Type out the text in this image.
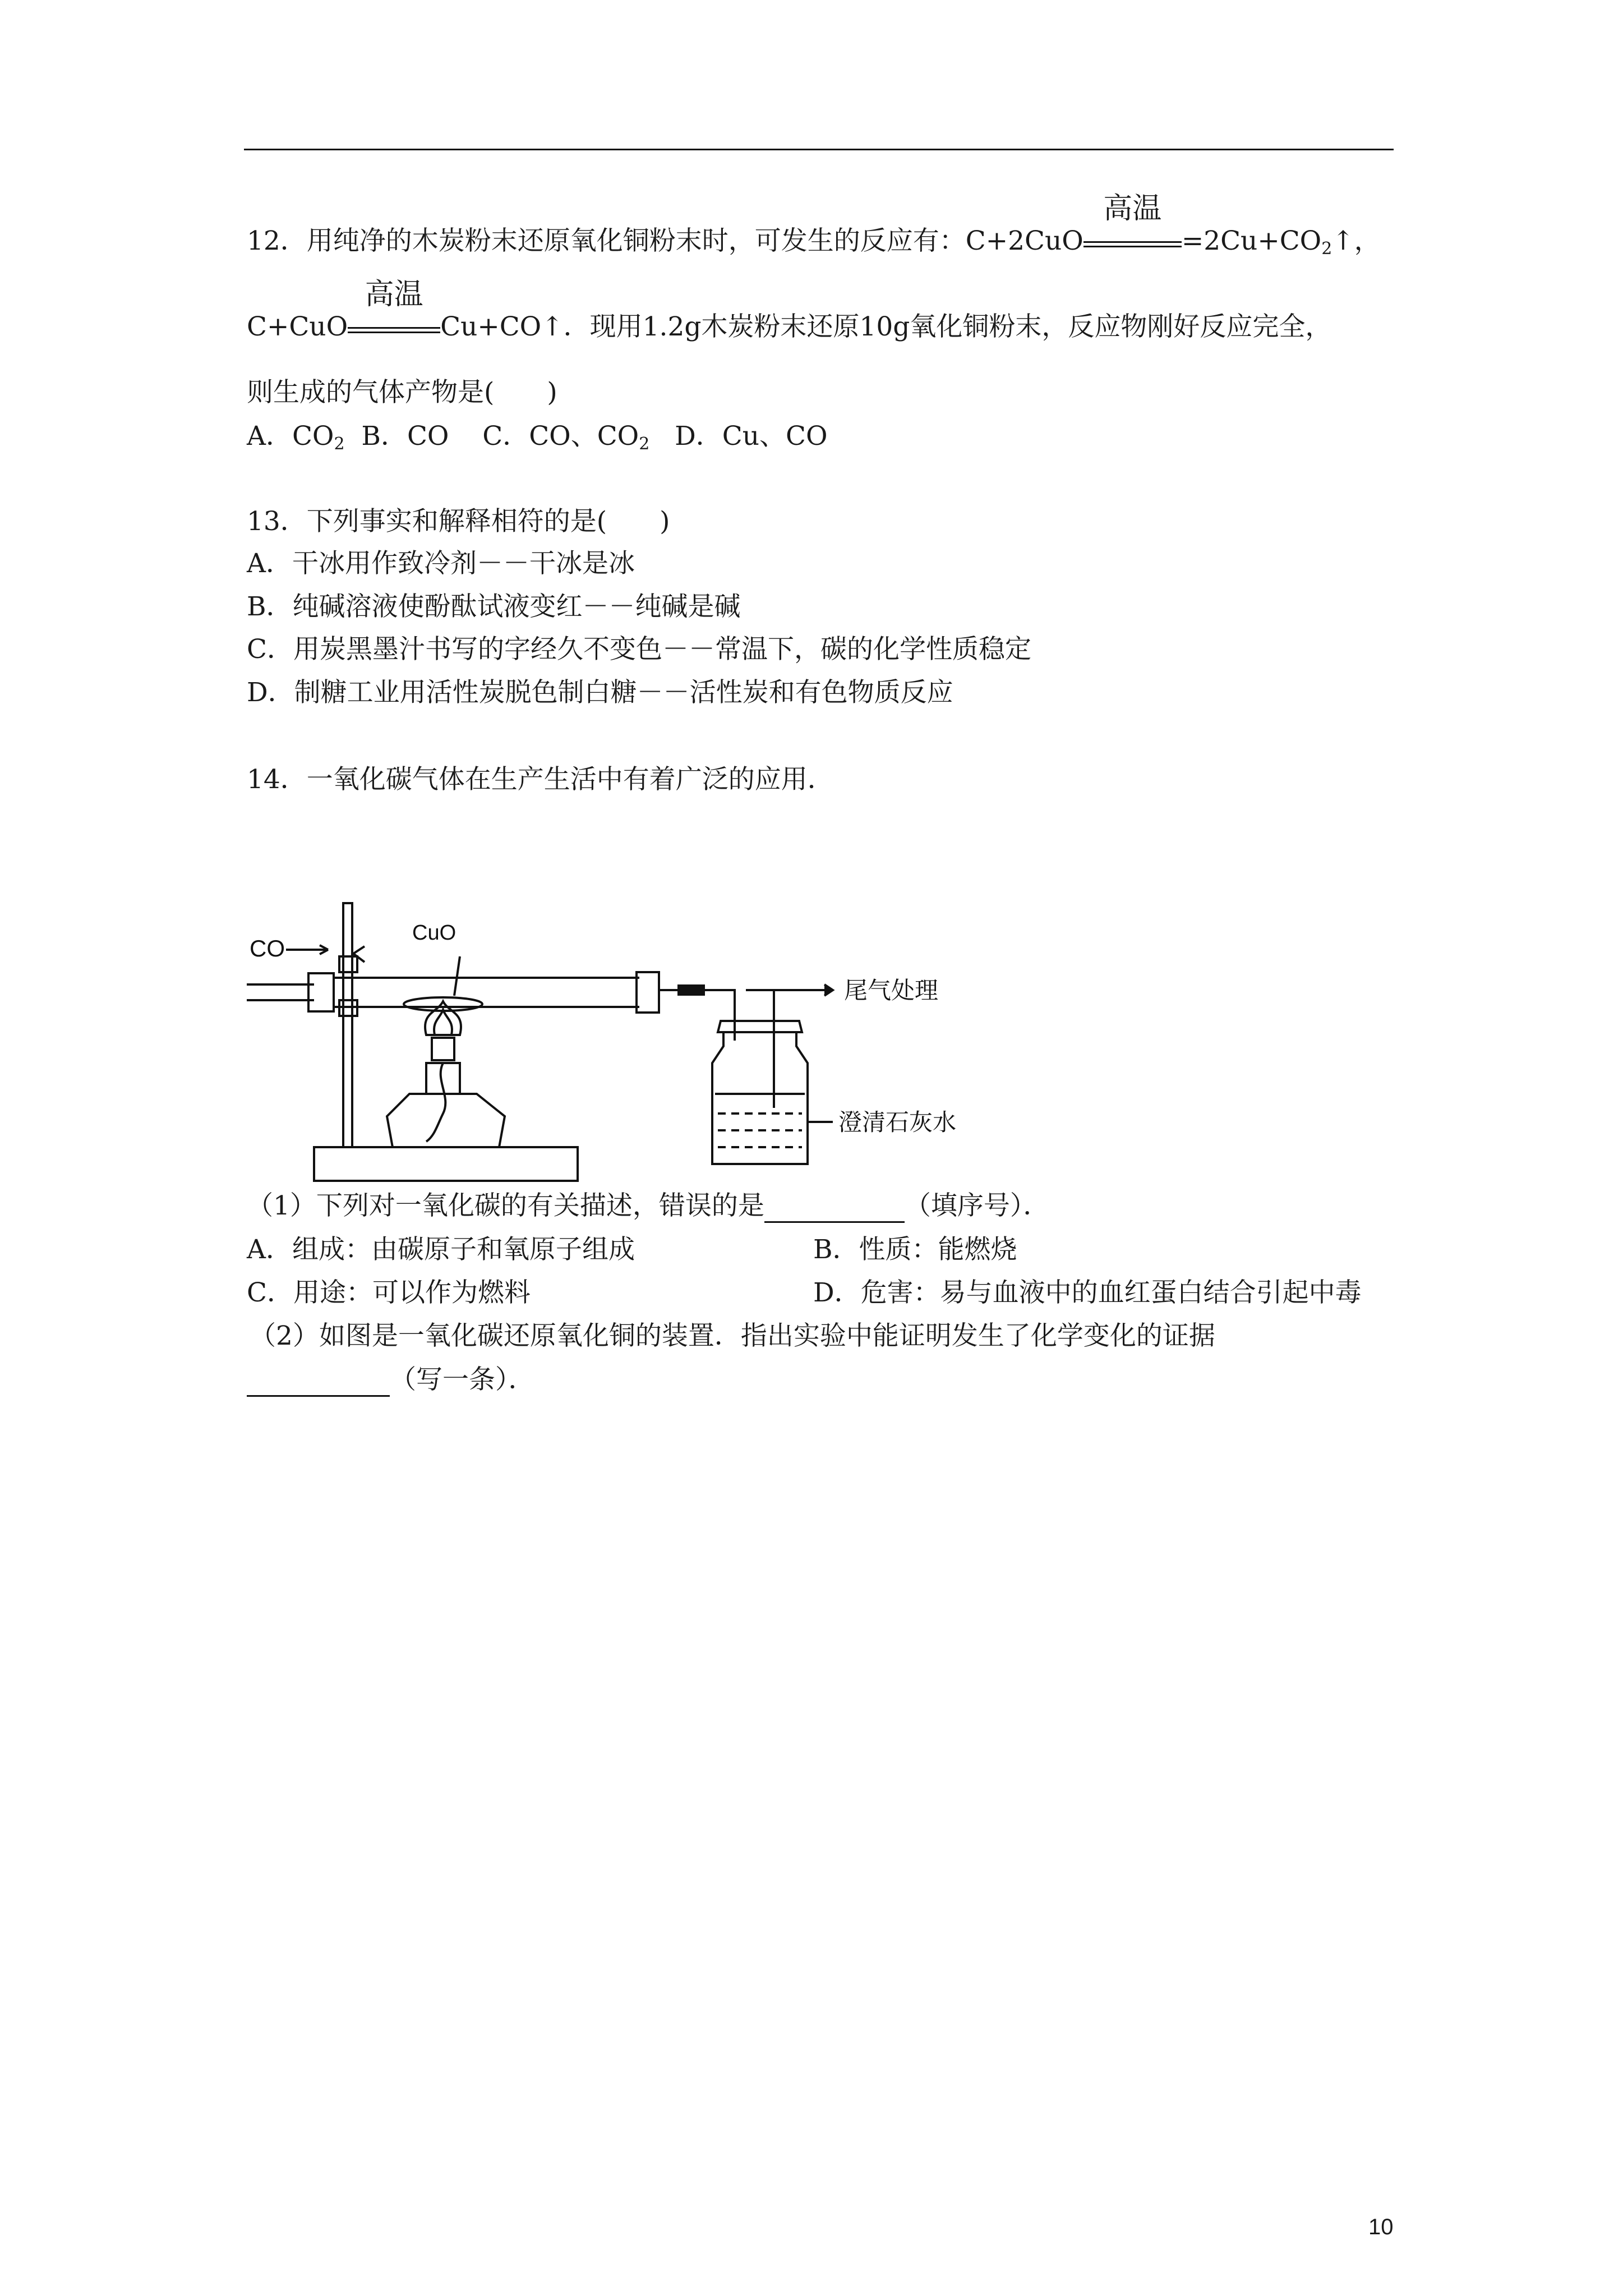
12．用纯净的木炭粉末还原氧化铜粉末时，可发生的反应有：C+2CuO
高温
$=2Cu+CO_2↑$，
C+CuO
高温
Cu+CO↑．现用1.2g木炭粉末还原10g氧化铜粉末，反应物刚好反应完全，
则生成的气体产物是(　　)
A．$CO_2$ B．CO C．CO、$CO_2$ D．Cu、CO
13．下列事实和解释相符的是(　　)
A．干冰用作致冷剂－－干冰是冰
B．纯碱溶液使酚酞试液变红－－纯碱是碱
C．用炭黑墨汁书写的字经久不变色－－常温下，碳的化学性质稳定
D．制糖工业用活性炭脱色制白糖－－活性炭和有色物质反应
14．一氧化碳气体在生产生活中有着广泛的应用．
CO
CuO
尾气处理
澄清石灰水
（1）下列对一氧化碳的有关描述，错误的是	（填序号）．
A．组成：由碳原子和氧原子组成	B．性质：能燃烧
C．用途：可以作为燃料	D．危害：易与血液中的血红蛋白结合引起中毒
（2）如图是一氧化碳还原氧化铜的装置．指出实验中能证明发生了化学变化的证据
（写一条）．
10
